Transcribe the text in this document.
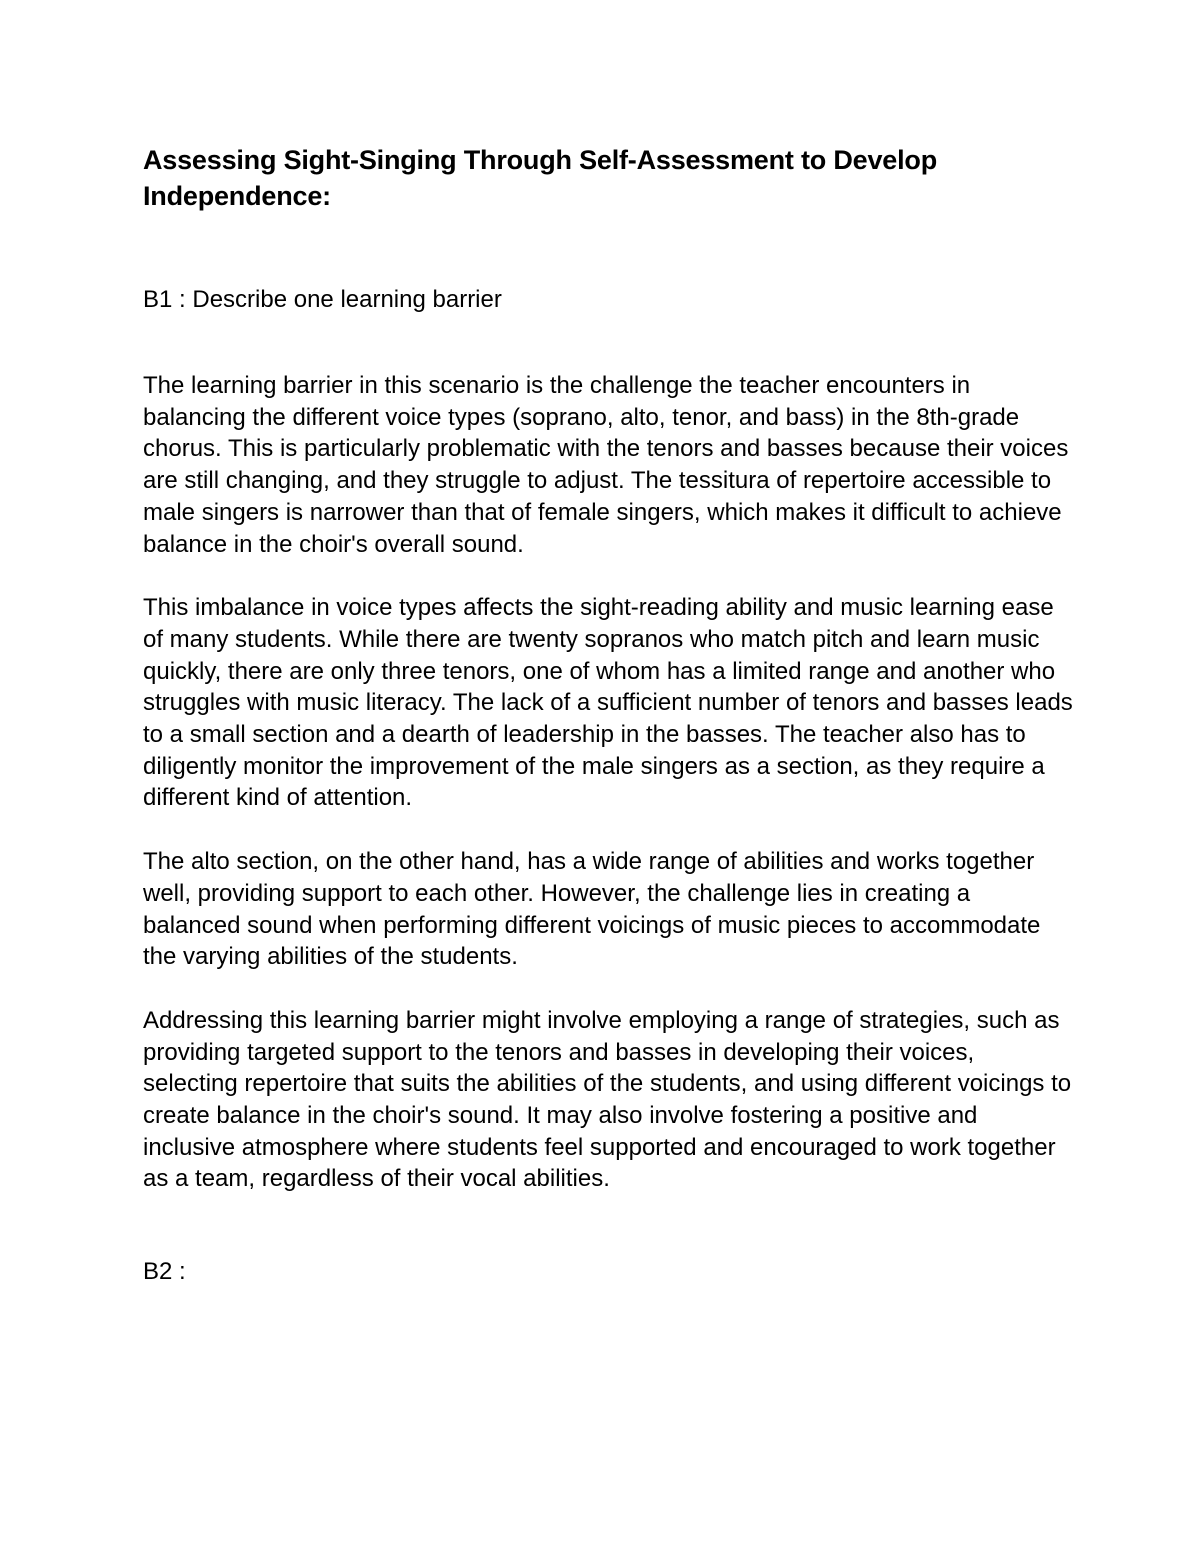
Assessing Sight-Singing Through Self-Assessment to Develop Independence:
B1 : Describe one learning barrier

The learning barrier in this scenario is the challenge the teacher encounters in balancing the different voice types (soprano, alto, tenor, and bass) in the 8th-grade chorus. This is particularly problematic with the tenors and basses because their voices are still changing, and they struggle to adjust. The tessitura of repertoire accessible to male singers is narrower than that of female singers, which makes it difficult to achieve balance in the choir's overall sound.

This imbalance in voice types affects the sight-reading ability and music learning ease of many students. While there are twenty sopranos who match pitch and learn music quickly, there are only three tenors, one of whom has a limited range and another who struggles with music literacy. The lack of a sufficient number of tenors and basses leads to a small section and a dearth of leadership in the basses. The teacher also has to diligently monitor the improvement of the male singers as a section, as they require a different kind of attention.

The alto section, on the other hand, has a wide range of abilities and works together well, providing support to each other. However, the challenge lies in creating a balanced sound when performing different voicings of music pieces to accommodate the varying abilities of the students.

Addressing this learning barrier might involve employing a range of strategies, such as providing targeted support to the tenors and basses in developing their voices, selecting repertoire that suits the abilities of the students, and using different voicings to create balance in the choir's sound. It may also involve fostering a positive and inclusive atmosphere where students feel supported and encouraged to work together as a team, regardless of their vocal abilities.

B2 :
